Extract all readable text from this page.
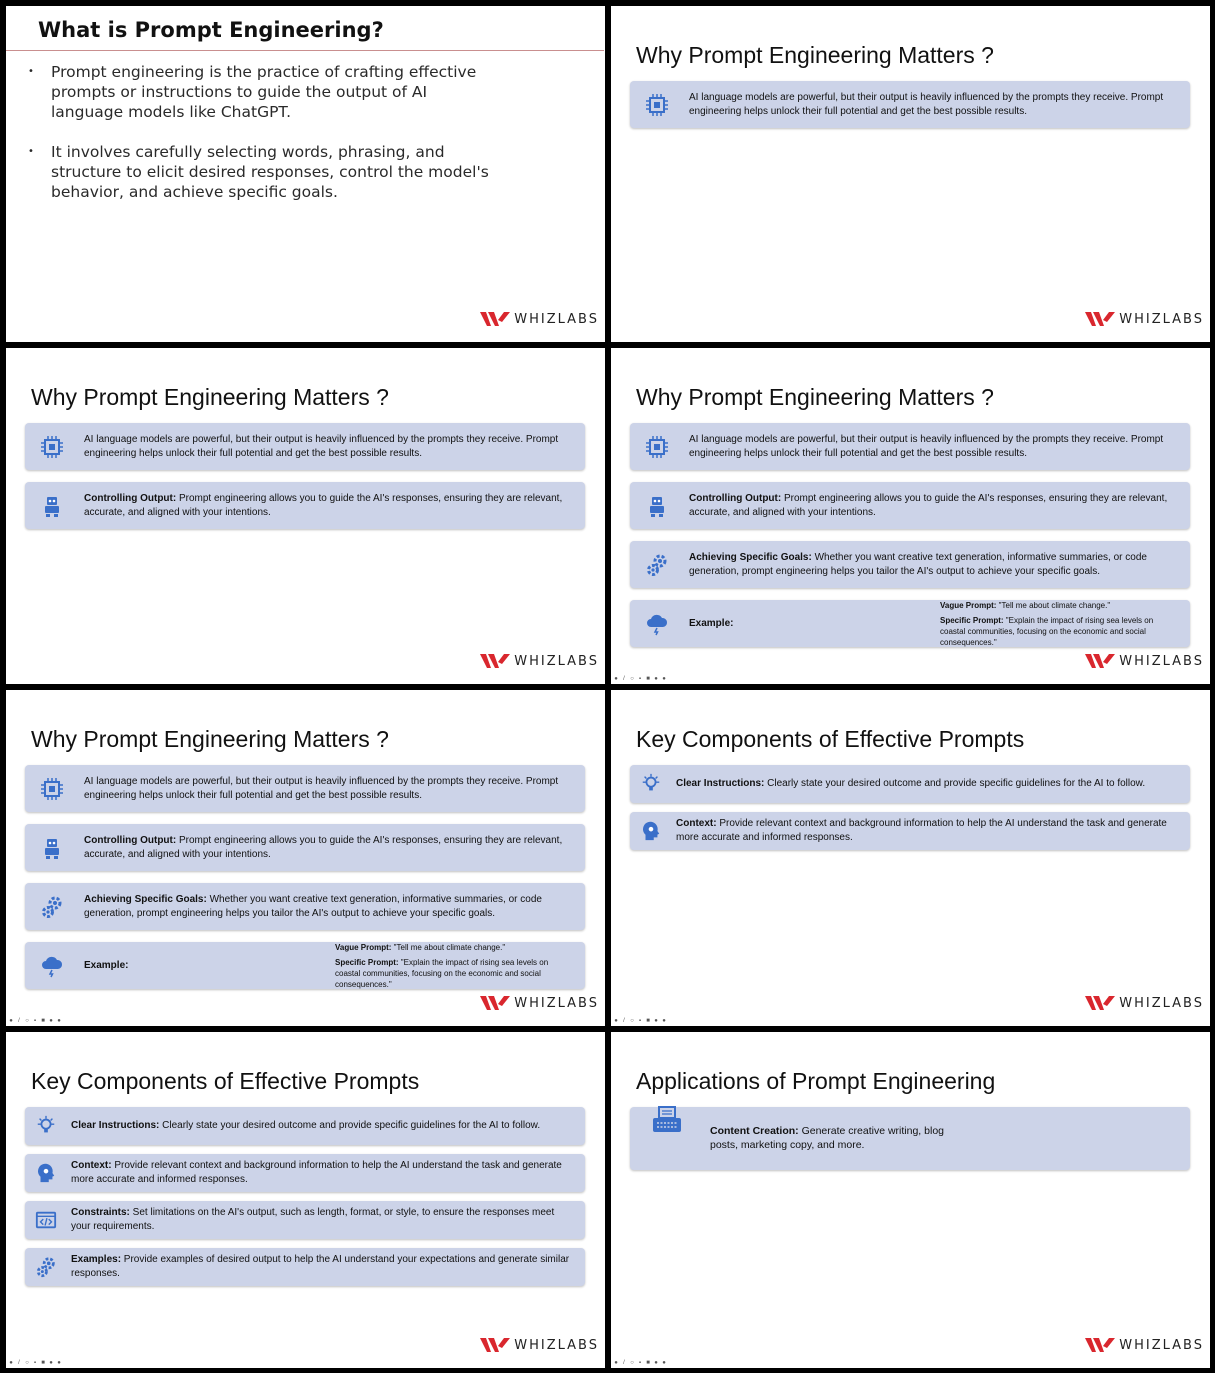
What is Prompt Engineering?
• Prompt engineering is the practice of crafting effective prompts or instructions to guide the output of AI language models like ChatGPT.
• It involves carefully selecting words, phrasing, and structure to elicit desired responses, control the model's behavior, and achieve specific goals.
WHIZLABS
Why Prompt Engineering Matters ?
AI language models are powerful, but their output is heavily influenced by the prompts they receive. Prompt engineering helps unlock their full potential and get the best possible results.
WHIZLABS
Why Prompt Engineering Matters ?
AI language models are powerful, but their output is heavily influenced by the prompts they receive. Prompt engineering helps unlock their full potential and get the best possible results.
Controlling Output: Prompt engineering allows you to guide the AI's responses, ensuring they are relevant, accurate, and aligned with your intentions.
WHIZLABS
Why Prompt Engineering Matters ?
AI language models are powerful, but their output is heavily influenced by the prompts they receive. Prompt engineering helps unlock their full potential and get the best possible results.
Controlling Output: Prompt engineering allows you to guide the AI's responses, ensuring they are relevant, accurate, and aligned with your intentions.
Achieving Specific Goals: Whether you want creative text generation, informative summaries, or code generation, prompt engineering helps you tailor the AI's output to achieve your specific goals.
Example:
Vague Prompt: "Tell me about climate change."
Specific Prompt: "Explain the impact of rising sea levels on coastal communities, focusing on the economic and social consequences."
● / ○ ▪ ■ ● ●
WHIZLABS
Why Prompt Engineering Matters ?
AI language models are powerful, but their output is heavily influenced by the prompts they receive. Prompt engineering helps unlock their full potential and get the best possible results.
Controlling Output: Prompt engineering allows you to guide the AI's responses, ensuring they are relevant, accurate, and aligned with your intentions.
Achieving Specific Goals: Whether you want creative text generation, informative summaries, or code generation, prompt engineering helps you tailor the AI's output to achieve your specific goals.
Example:
Vague Prompt: "Tell me about climate change."
Specific Prompt: "Explain the impact of rising sea levels on coastal communities, focusing on the economic and social consequences."
● / ○ ▪ ■ ● ●
WHIZLABS
Key Components of Effective Prompts
Clear Instructions: Clearly state your desired outcome and provide specific guidelines for the AI to follow.
Context: Provide relevant context and background information to help the AI understand the task and generate more accurate and informed responses.
● / ○ ▪ ■ ● ●
WHIZLABS
Key Components of Effective Prompts
Clear Instructions: Clearly state your desired outcome and provide specific guidelines for the AI to follow.
Context: Provide relevant context and background information to help the AI understand the task and generate more accurate and informed responses.
Constraints: Set limitations on the AI's output, such as length, format, or style, to ensure the responses meet your requirements.
Examples: Provide examples of desired output to help the AI understand your expectations and generate similar responses.
● / ○ ▪ ■ ● ●
WHIZLABS
Applications of Prompt Engineering
Content Creation: Generate creative writing, blog posts, marketing copy, and more.
● / ○ ▪ ■ ● ●
WHIZLABS
